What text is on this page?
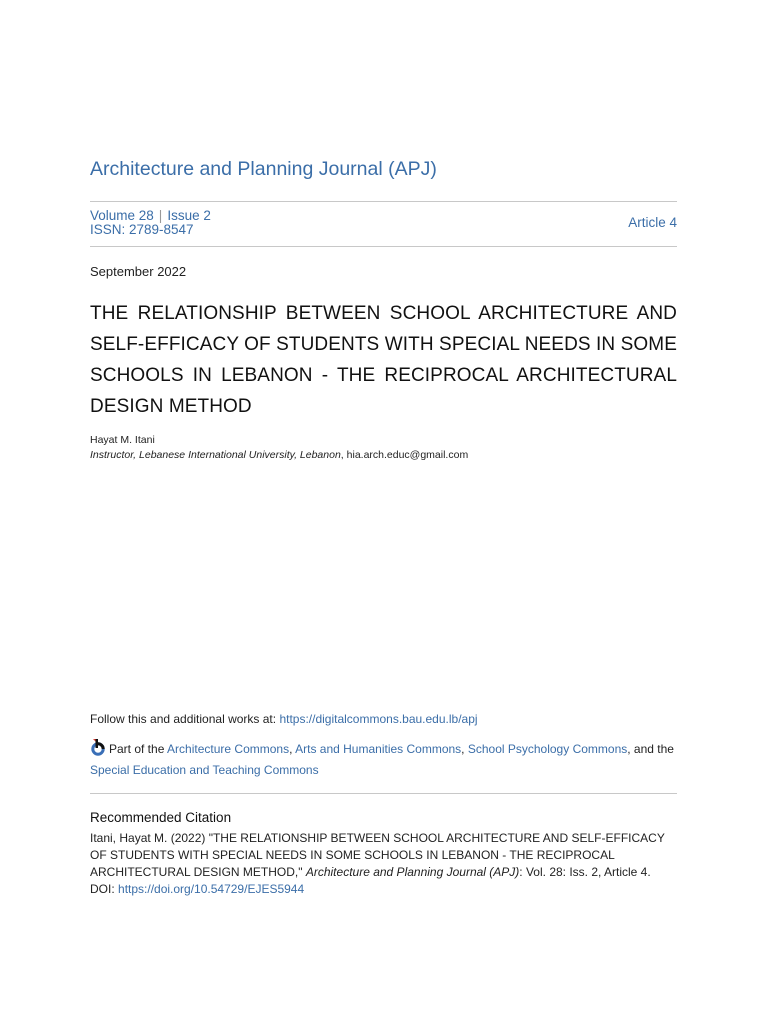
Architecture and Planning Journal (APJ)
Volume 28 | Issue 2
ISSN: 2789-8547	Article 4
September 2022
THE RELATIONSHIP BETWEEN SCHOOL ARCHITECTURE AND SELF-EFFICACY OF STUDENTS WITH SPECIAL NEEDS IN SOME SCHOOLS IN LEBANON - THE RECIPROCAL ARCHITECTURAL DESIGN METHOD
Hayat M. Itani
Instructor, Lebanese International University, Lebanon, hia.arch.educ@gmail.com
Follow this and additional works at: https://digitalcommons.bau.edu.lb/apj
Part of the Architecture Commons, Arts and Humanities Commons, School Psychology Commons, and the Special Education and Teaching Commons
Recommended Citation
Itani, Hayat M. (2022) "THE RELATIONSHIP BETWEEN SCHOOL ARCHITECTURE AND SELF-EFFICACY OF STUDENTS WITH SPECIAL NEEDS IN SOME SCHOOLS IN LEBANON - THE RECIPROCAL ARCHITECTURAL DESIGN METHOD," Architecture and Planning Journal (APJ): Vol. 28: Iss. 2, Article 4.
DOI: https://doi.org/10.54729/EJES5944
